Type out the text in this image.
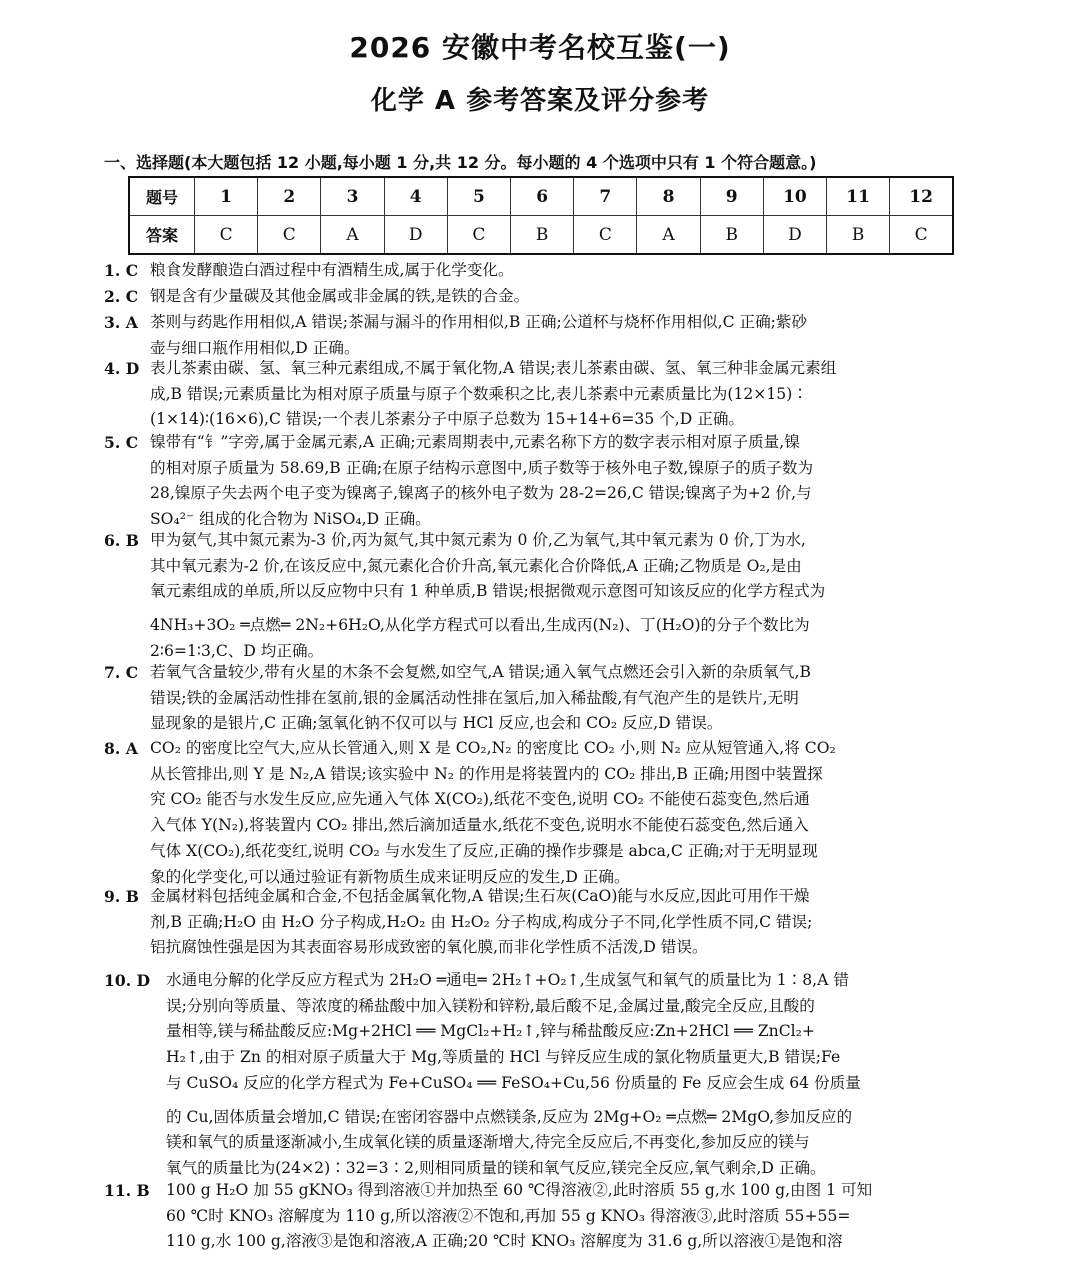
2026 安徽中考名校互鉴(一)
化学 A 参考答案及评分参考
一、选择题(本大题包括 12 小题,每小题 1 分,共 12 分。每小题的 4 个选项中只有 1 个符合题意。)
题号	1	2	3	4	5	6	7	8	9	10	11	12
答案	C	C	A	D	C	B	C	A	B	D	B	C
1. C 粮食发酵酿造白酒过程中有酒精生成,属于化学变化。
2. C 钢是含有少量碳及其他金属或非金属的铁,是铁的合金。
3. A 茶则与药匙作用相似,A 错误;茶漏与漏斗的作用相似,B 正确;公道杯与烧杯作用相似,C 正确;紫砂
壶与细口瓶作用相似,D 正确。
4. D 表儿茶素由碳、氢、氧三种元素组成,不属于氧化物,A 错误;表儿茶素由碳、氢、氧三种非金属元素组
成,B 错误;元素质量比为相对原子质量与原子个数乘积之比,表儿茶素中元素质量比为(12×15)∶
(1×14)∶(16×6),C 错误;一个表儿茶素分子中原子总数为 15+14+6=35 个,D 正确。
5. C 镍带有“钅”字旁,属于金属元素,A 正确;元素周期表中,元素名称下方的数字表示相对原子质量,镍
的相对原子质量为 58.69,B 正确;在原子结构示意图中,质子数等于核外电子数,镍原子的质子数为
28,镍原子失去两个电子变为镍离子,镍离子的核外电子数为 28-2=26,C 错误;镍离子为+2 价,与
SO₄²⁻ 组成的化合物为 NiSO₄,D 正确。
6. B 甲为氨气,其中氮元素为-3 价,丙为氮气,其中氮元素为 0 价,乙为氧气,其中氧元素为 0 价,丁为水,
其中氧元素为-2 价,在该反应中,氮元素化合价升高,氧元素化合价降低,A 正确;乙物质是 O₂,是由
氧元素组成的单质,所以反应物中只有 1 种单质,B 错误;根据微观示意图可知该反应的化学方程式为
4NH₃+3O₂ ═点燃═ 2N₂+6H₂O,从化学方程式可以看出,生成丙(N₂)、丁(H₂O)的分子个数比为
2∶6=1∶3,C、D 均正确。
7. C 若氧气含量较少,带有火星的木条不会复燃,如空气,A 错误;通入氧气点燃还会引入新的杂质氧气,B
错误;铁的金属活动性排在氢前,银的金属活动性排在氢后,加入稀盐酸,有气泡产生的是铁片,无明
显现象的是银片,C 正确;氢氧化钠不仅可以与 HCl 反应,也会和 CO₂ 反应,D 错误。
8. A CO₂ 的密度比空气大,应从长管通入,则 X 是 CO₂,N₂ 的密度比 CO₂ 小,则 N₂ 应从短管通入,将 CO₂
从长管排出,则 Y 是 N₂,A 错误;该实验中 N₂ 的作用是将装置内的 CO₂ 排出,B 正确;用图中装置探
究 CO₂ 能否与水发生反应,应先通入气体 X(CO₂),纸花不变色,说明 CO₂ 不能使石蕊变色,然后通
入气体 Y(N₂),将装置内 CO₂ 排出,然后滴加适量水,纸花不变色,说明水不能使石蕊变色,然后通入
气体 X(CO₂),纸花变红,说明 CO₂ 与水发生了反应,正确的操作步骤是 abca,C 正确;对于无明显现
象的化学变化,可以通过验证有新物质生成来证明反应的发生,D 正确。
9. B 金属材料包括纯金属和合金,不包括金属氧化物,A 错误;生石灰(CaO)能与水反应,因此可用作干燥
剂,B 正确;H₂O 由 H₂O 分子构成,H₂O₂ 由 H₂O₂ 分子构成,构成分子不同,化学性质不同,C 错误;
铝抗腐蚀性强是因为其表面容易形成致密的氧化膜,而非化学性质不活泼,D 错误。
10. D 水通电分解的化学反应方程式为 2H₂O ═通电═ 2H₂↑+O₂↑,生成氢气和氧气的质量比为 1∶8,A 错
误;分别向等质量、等浓度的稀盐酸中加入镁粉和锌粉,最后酸不足,金属过量,酸完全反应,且酸的
量相等,镁与稀盐酸反应:Mg+2HCl ══ MgCl₂+H₂↑,锌与稀盐酸反应:Zn+2HCl ══ ZnCl₂+
H₂↑,由于 Zn 的相对原子质量大于 Mg,等质量的 HCl 与锌反应生成的氯化物质量更大,B 错误;Fe
与 CuSO₄ 反应的化学方程式为 Fe+CuSO₄ ══ FeSO₄+Cu,56 份质量的 Fe 反应会生成 64 份质量
的 Cu,固体质量会增加,C 错误;在密闭容器中点燃镁条,反应为 2Mg+O₂ ═点燃═ 2MgO,参加反应的
镁和氧气的质量逐渐减小,生成氧化镁的质量逐渐增大,待完全反应后,不再变化,参加反应的镁与
氧气的质量比为(24×2)∶32=3∶2,则相同质量的镁和氧气反应,镁完全反应,氧气剩余,D 正确。
11. B 100 g H₂O 加 55 gKNO₃ 得到溶液①并加热至 60 ℃得溶液②,此时溶质 55 g,水 100 g,由图 1 可知
60 ℃时 KNO₃ 溶解度为 110 g,所以溶液②不饱和,再加 55 g KNO₃ 得溶液③,此时溶质 55+55=
110 g,水 100 g,溶液③是饱和溶液,A 正确;20 ℃时 KNO₃ 溶解度为 31.6 g,所以溶液①是饱和溶
